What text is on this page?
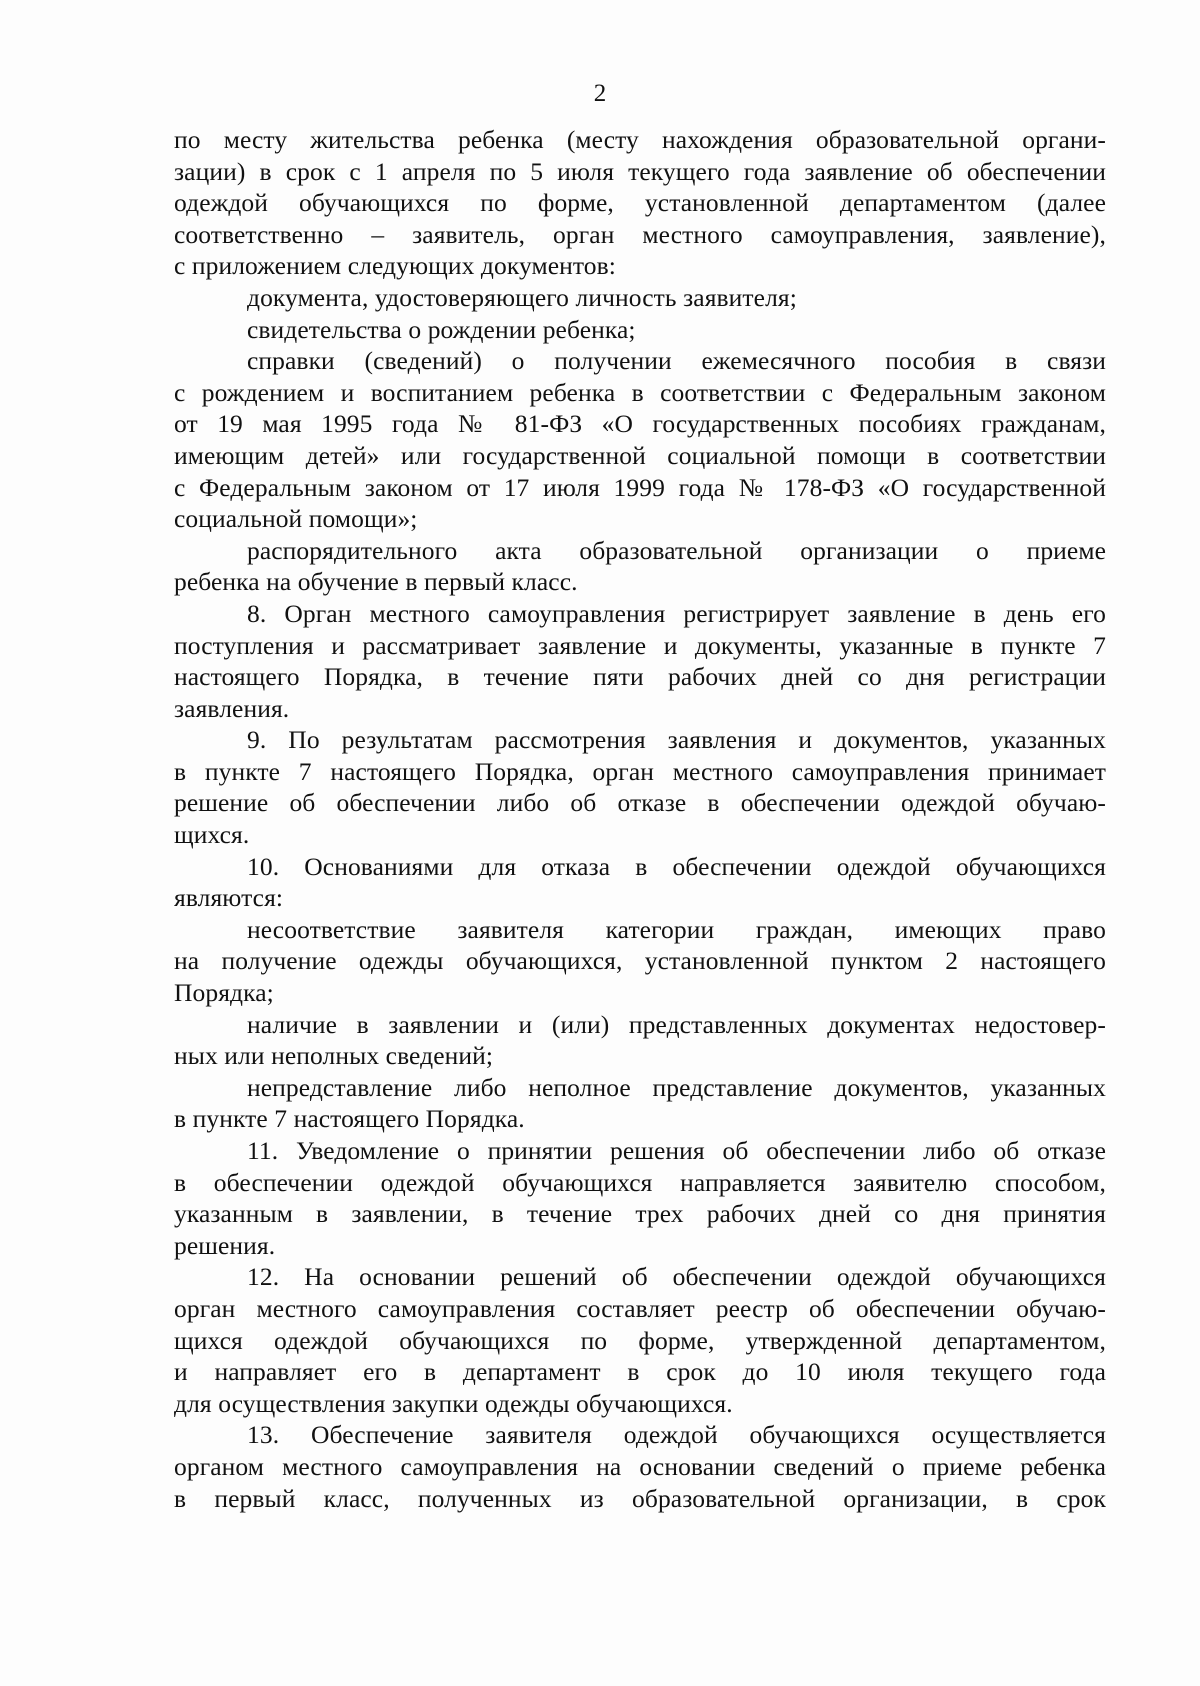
2
по месту жительства ребенка (месту нахождения образовательной органи-
зации) в срок с 1 апреля по 5 июля текущего года заявление об обеспечении
одеждой обучающихся по форме, установленной департаментом (далее
соответственно – заявитель, орган местного самоуправления, заявление),
с приложением следующих документов:
документа, удостоверяющего личность заявителя;
свидетельства о рождении ребенка;
справки (сведений) о получении ежемесячного пособия в связи
с рождением и воспитанием ребенка в соответствии с Федеральным законом
от 19 мая 1995 года № 81-ФЗ «О государственных пособиях гражданам,
имеющим детей» или государственной социальной помощи в соответствии
с Федеральным законом от 17 июля 1999 года № 178-ФЗ «О государственной
социальной помощи»;
распорядительного акта образовательной организации о приеме
ребенка на обучение в первый класс.
8. Орган местного самоуправления регистрирует заявление в день его
поступления и рассматривает заявление и документы, указанные в пункте 7
настоящего Порядка, в течение пяти рабочих дней со дня регистрации
заявления.
9. По результатам рассмотрения заявления и документов, указанных
в пункте 7 настоящего Порядка, орган местного самоуправления принимает
решение об обеспечении либо об отказе в обеспечении одеждой обучаю-
щихся.
10. Основаниями для отказа в обеспечении одеждой обучающихся
являются:
несоответствие заявителя категории граждан, имеющих право
на получение одежды обучающихся, установленной пунктом 2 настоящего
Порядка;
наличие в заявлении и (или) представленных документах недостовер-
ных или неполных сведений;
непредставление либо неполное представление документов, указанных
в пункте 7 настоящего Порядка.
11. Уведомление о принятии решения об обеспечении либо об отказе
в обеспечении одеждой обучающихся направляется заявителю способом,
указанным в заявлении, в течение трех рабочих дней со дня принятия
решения.
12. На основании решений об обеспечении одеждой обучающихся
орган местного самоуправления составляет реестр об обеспечении обучаю-
щихся одеждой обучающихся по форме, утвержденной департаментом,
и направляет его в департамент в срок до 10 июля текущего года
для осуществления закупки одежды обучающихся.
13. Обеспечение заявителя одеждой обучающихся осуществляется
органом местного самоуправления на основании сведений о приеме ребенка
в первый класс, полученных из образовательной организации, в срок
